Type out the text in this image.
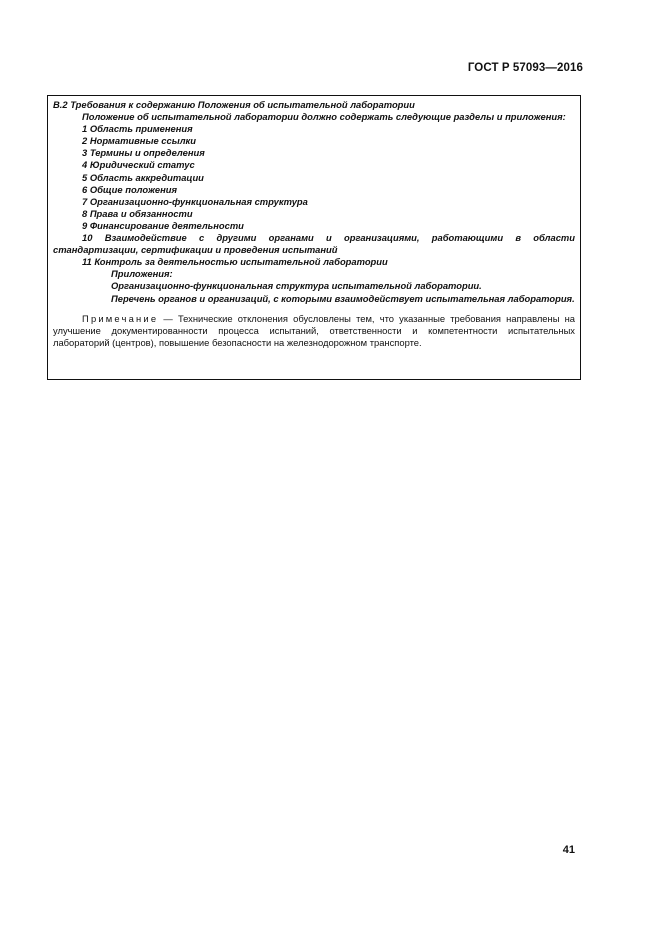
ГОСТ Р 57093—2016
В.2 Требования к содержанию Положения об испытательной лаборатории
Положение об испытательной лаборатории должно содержать следующие разделы и приложения:
1 Область применения
2 Нормативные ссылки
3 Термины и определения
4 Юридический статус
5 Область аккредитации
6 Общие положения
7 Организационно-функциональная структура
8 Права и обязанности
9 Финансирование деятельности
10 Взаимодействие с другими органами и организациями, работающими в области стандартизации, сертификации и проведения испытаний
11 Контроль за деятельностью испытательной лаборатории
Приложения:
Организационно-функциональная структура испытательной лаборатории.
Перечень органов и организаций, с которыми взаимодействует испытательная лаборатория.
Примечание — Технические отклонения обусловлены тем, что указанные требования направлены на улучшение документированности процесса испытаний, ответственности и компетентности испытательных лабораторий (центров), повышение безопасности на железнодорожном транспорте.
41
